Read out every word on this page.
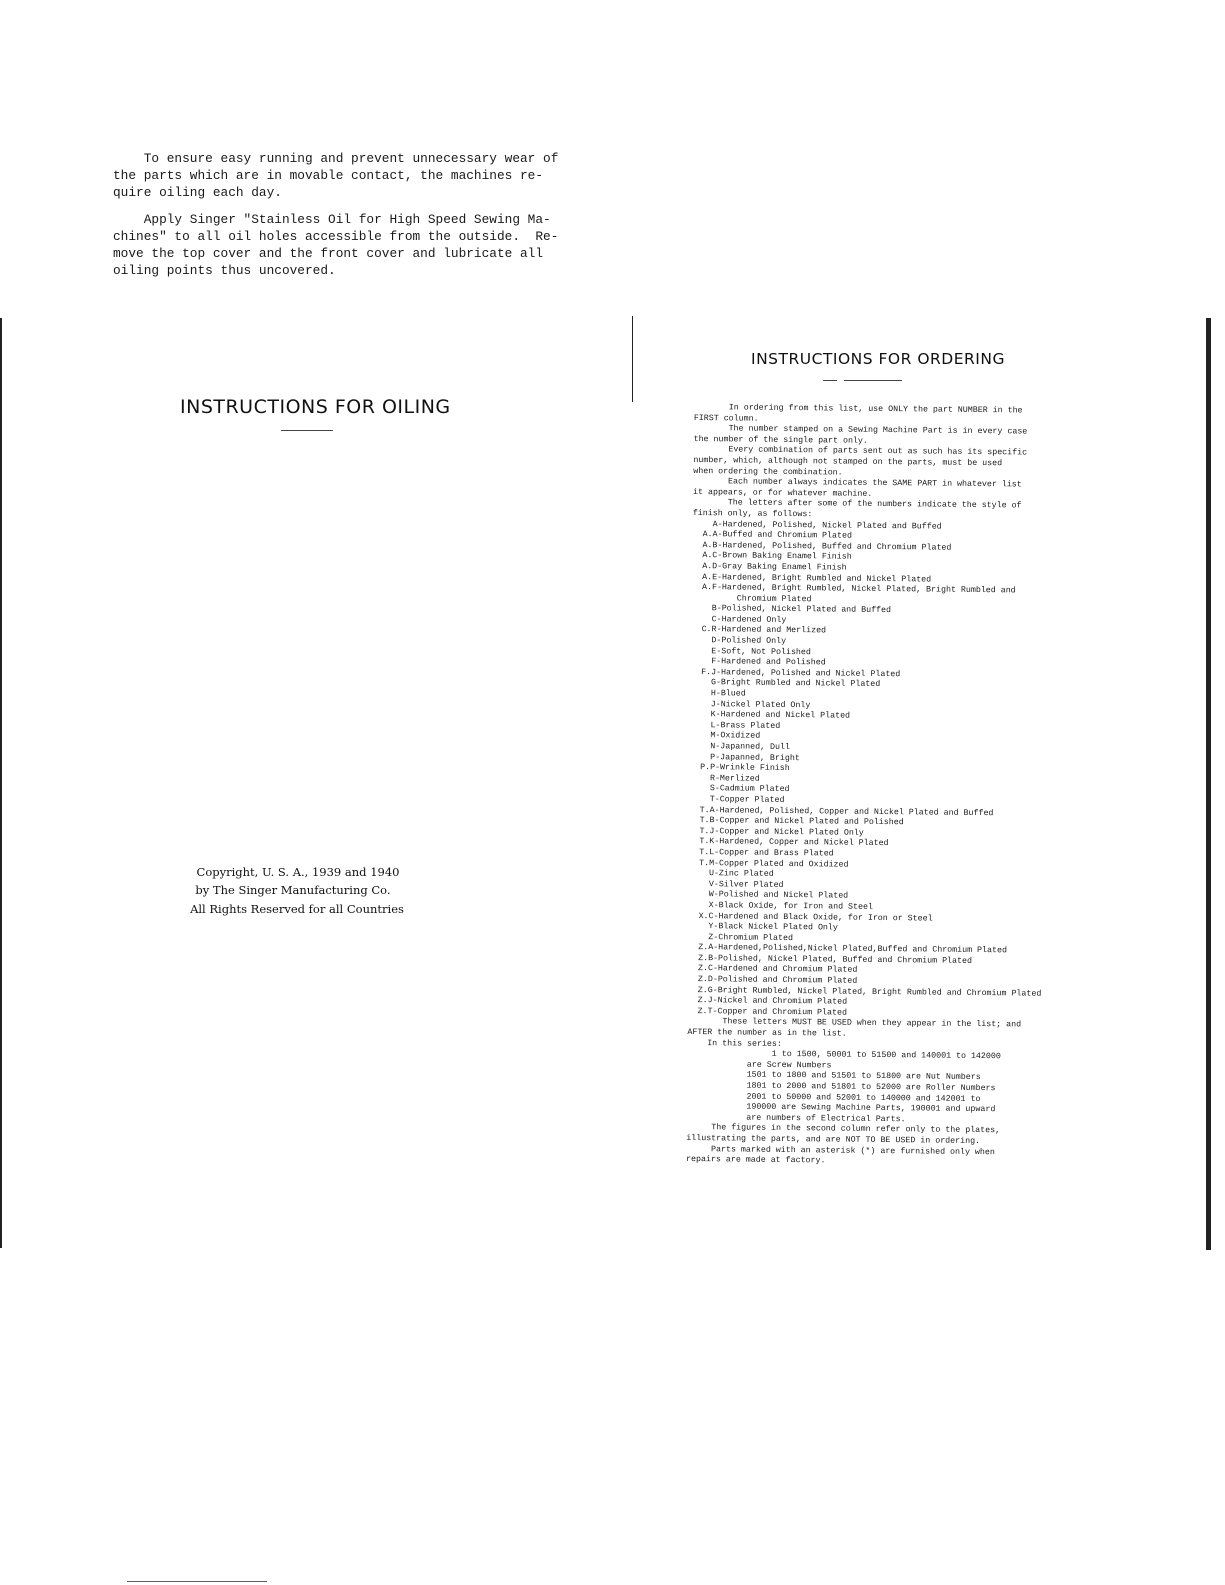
INSTRUCTIONS FOR OILING
To ensure easy running and prevent unnecessary wear of
the parts which are in movable contact, the machines re-
quire oiling each day.
Apply Singer "Stainless Oil for High Speed Sewing Ma-
chines" to all oil holes accessible from the outside.  Re-
move the top cover and the front cover and lubricate all
oiling points thus uncovered.
Copyright, U. S. A., 1939 and 1940
by The Singer Manufacturing Co.
All Rights Reserved for all Countries
INSTRUCTIONS FOR ORDERING
In ordering from this list, use ONLY the part NUMBER in the
FIRST column.
The number stamped on a Sewing Machine Part is in every case
the number of the single part only.
Every combination of parts sent out as such has its specific
number, which, although not stamped on the parts, must be used
when ordering the combination.
Each number always indicates the SAME PART in whatever list
it appears, or for whatever machine.
The letters after some of the numbers indicate the style of
finish only, as follows:
A-Hardened, Polished, Nickel Plated and Buffed
A.A-Buffed and Chromium Plated
A.B-Hardened, Polished, Buffed and Chromium Plated
A.C-Brown Baking Enamel Finish
A.D-Gray Baking Enamel Finish
A.E-Hardened, Bright Rumbled and Nickel Plated
A.F-Hardened, Bright Rumbled, Nickel Plated, Bright Rumbled and
Chromium Plated
B-Polished, Nickel Plated and Buffed
C-Hardened Only
C.R-Hardened and Merlized
D-Polished Only
E-Soft, Not Polished
F-Hardened and Polished
F.J-Hardened, Polished and Nickel Plated
G-Bright Rumbled and Nickel Plated
H-Blued
J-Nickel Plated Only
K-Hardened and Nickel Plated
L-Brass Plated
M-Oxidized
N-Japanned, Dull
P-Japanned, Bright
P.P-Wrinkle Finish
R-Merlized
S-Cadmium Plated
T-Copper Plated
T.A-Hardened, Polished, Copper and Nickel Plated and Buffed
T.B-Copper and Nickel Plated and Polished
T.J-Copper and Nickel Plated Only
T.K-Hardened, Copper and Nickel Plated
T.L-Copper and Brass Plated
T.M-Copper Plated and Oxidized
U-Zinc Plated
V-Silver Plated
W-Polished and Nickel Plated
X-Black Oxide, for Iron and Steel
X.C-Hardened and Black Oxide, for Iron or Steel
Y-Black Nickel Plated Only
Z-Chromium Plated
Z.A-Hardened,Polished,Nickel Plated,Buffed and Chromium Plated
Z.B-Polished, Nickel Plated, Buffed and Chromium Plated
Z.C-Hardened and Chromium Plated
Z.D-Polished and Chromium Plated
Z.G-Bright Rumbled, Nickel Plated, Bright Rumbled and Chromium Plated
Z.J-Nickel and Chromium Plated
Z.T-Copper and Chromium Plated
These letters MUST BE USED when they appear in the list; and
AFTER the number as in the list.
In this series:
1 to 1500, 50001 to 51500 and 140001 to 142000
are Screw Numbers
1501 to 1800 and 51501 to 51800 are Nut Numbers
1801 to 2000 and 51801 to 52000 are Roller Numbers
2001 to 50000 and 52001 to 140000 and 142001 to
190000 are Sewing Machine Parts, 190001 and upward
are numbers of Electrical Parts.
The figures in the second column refer only to the plates,
illustrating the parts, and are NOT TO BE USED in ordering.
Parts marked with an asterisk (*) are furnished only when
repairs are made at factory.
